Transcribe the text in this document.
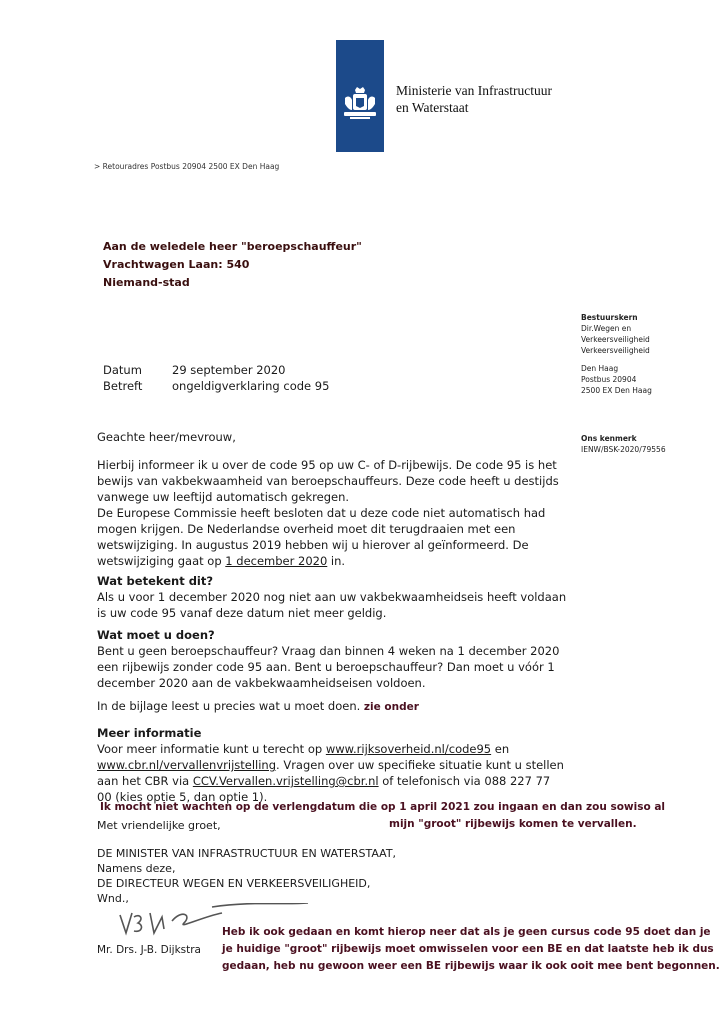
Ministerie van Infrastructuur
en Waterstaat
> Retouradres Postbus 20904 2500 EX Den Haag
Aan de weledele heer "beroepschauffeur"
Vrachtwagen Laan: 540
Niemand-stad
Bestuurskern
Dir.Wegen en
Verkeersveiligheid
Verkeersveiligheid
Den Haag
Postbus 20904
2500 EX Den Haag
Ons kenmerk
IENW/BSK-2020/79556
Datum	29 september 2020
Betreft	ongeldigverklaring code 95
Geachte heer/mevrouw,
Hierbij informeer ik u over de code 95 op uw C- of D-rijbewijs. De code 95 is het bewijs van vakbekwaamheid van beroepschauffeurs. Deze code heeft u destijds vanwege uw leeftijd automatisch gekregen.
De Europese Commissie heeft besloten dat u deze code niet automatisch had mogen krijgen. De Nederlandse overheid moet dit terugdraaien met een wetswijziging. In augustus 2019 hebben wij u hierover al geïnformeerd. De wetswijziging gaat op 1 december 2020 in.
Wat betekent dit?
Als u voor 1 december 2020 nog niet aan uw vakbekwaamheidseis heeft voldaan is uw code 95 vanaf deze datum niet meer geldig.
Wat moet u doen?
Bent u geen beroepschauffeur? Vraag dan binnen 4 weken na 1 december 2020 een rijbewijs zonder code 95 aan. Bent u beroepschauffeur? Dan moet u vóór 1 december 2020 aan de vakbekwaamheidseisen voldoen.
In de bijlage leest u precies wat u moet doen. zie onder
Meer informatie
Voor meer informatie kunt u terecht op www.rijksoverheid.nl/code95 en www.cbr.nl/vervallenvrijstelling. Vragen over uw specifieke situatie kunt u stellen aan het CBR via CCV.Vervallen.vrijstelling@cbr.nl of telefonisch via 088 227 77 00 (kies optie 5, dan optie 1).
Ik mocht niet wachten op de verlengdatum die op 1 april 2021 zou ingaan en dan zou sowiso al
Met vriendelijke groet,	mijn "groot" rijbewijs komen te vervallen.
DE MINISTER VAN INFRASTRUCTUUR EN WATERSTAAT,
Namens deze,
DE DIRECTEUR WEGEN EN VERKEERSVEILIGHEID,
Wnd.,
Mr. Drs. J-B. Dijkstra
Heb ik ook gedaan en komt hierop neer dat als je geen cursus code 95 doet dan je
je huidige "groot" rijbewijs moet omwisselen voor een BE en dat laatste heb ik dus
gedaan, heb nu gewoon weer een BE rijbewijs waar ik ook ooit mee bent begonnen.
